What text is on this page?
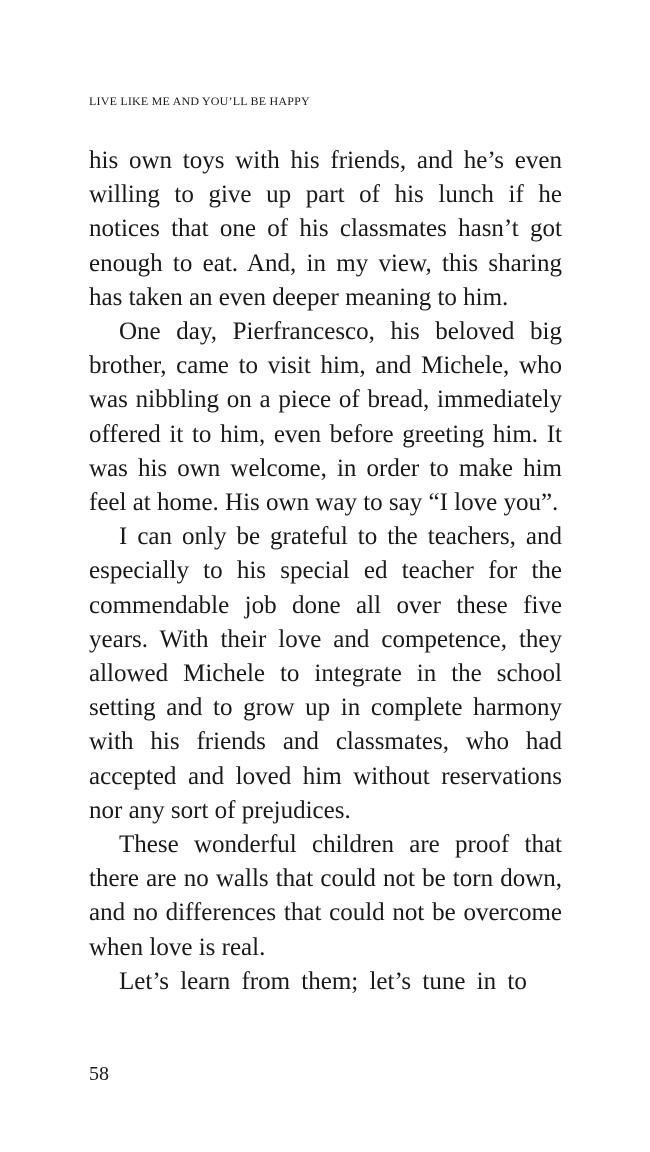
LIVE LIKE ME AND YOU’LL BE HAPPY

his own toys with his friends, and he’s even willing to give up part of his lunch if he notices that one of his classmates hasn’t got enough to eat. And, in my view, this sharing has taken an even deeper meaning to him.

One day, Pierfrancesco, his beloved big brother, came to visit him, and Michele, who was nibbling on a piece of bread, immediately offered it to him, even before greeting him. It was his own welcome, in order to make him feel at home. His own way to say “I love you”.

I can only be grateful to the teachers, and especially to his special ed teacher for the commendable job done all over these five years. With their love and competence, they allowed Michele to integrate in the school setting and to grow up in complete harmony with his friends and classmates, who had accepted and loved him without reservations nor any sort of prejudices.

These wonderful children are proof that there are no walls that could not be torn down, and no differences that could not be overcome when love is real.

Let’s learn from them; let’s tune in to

58
